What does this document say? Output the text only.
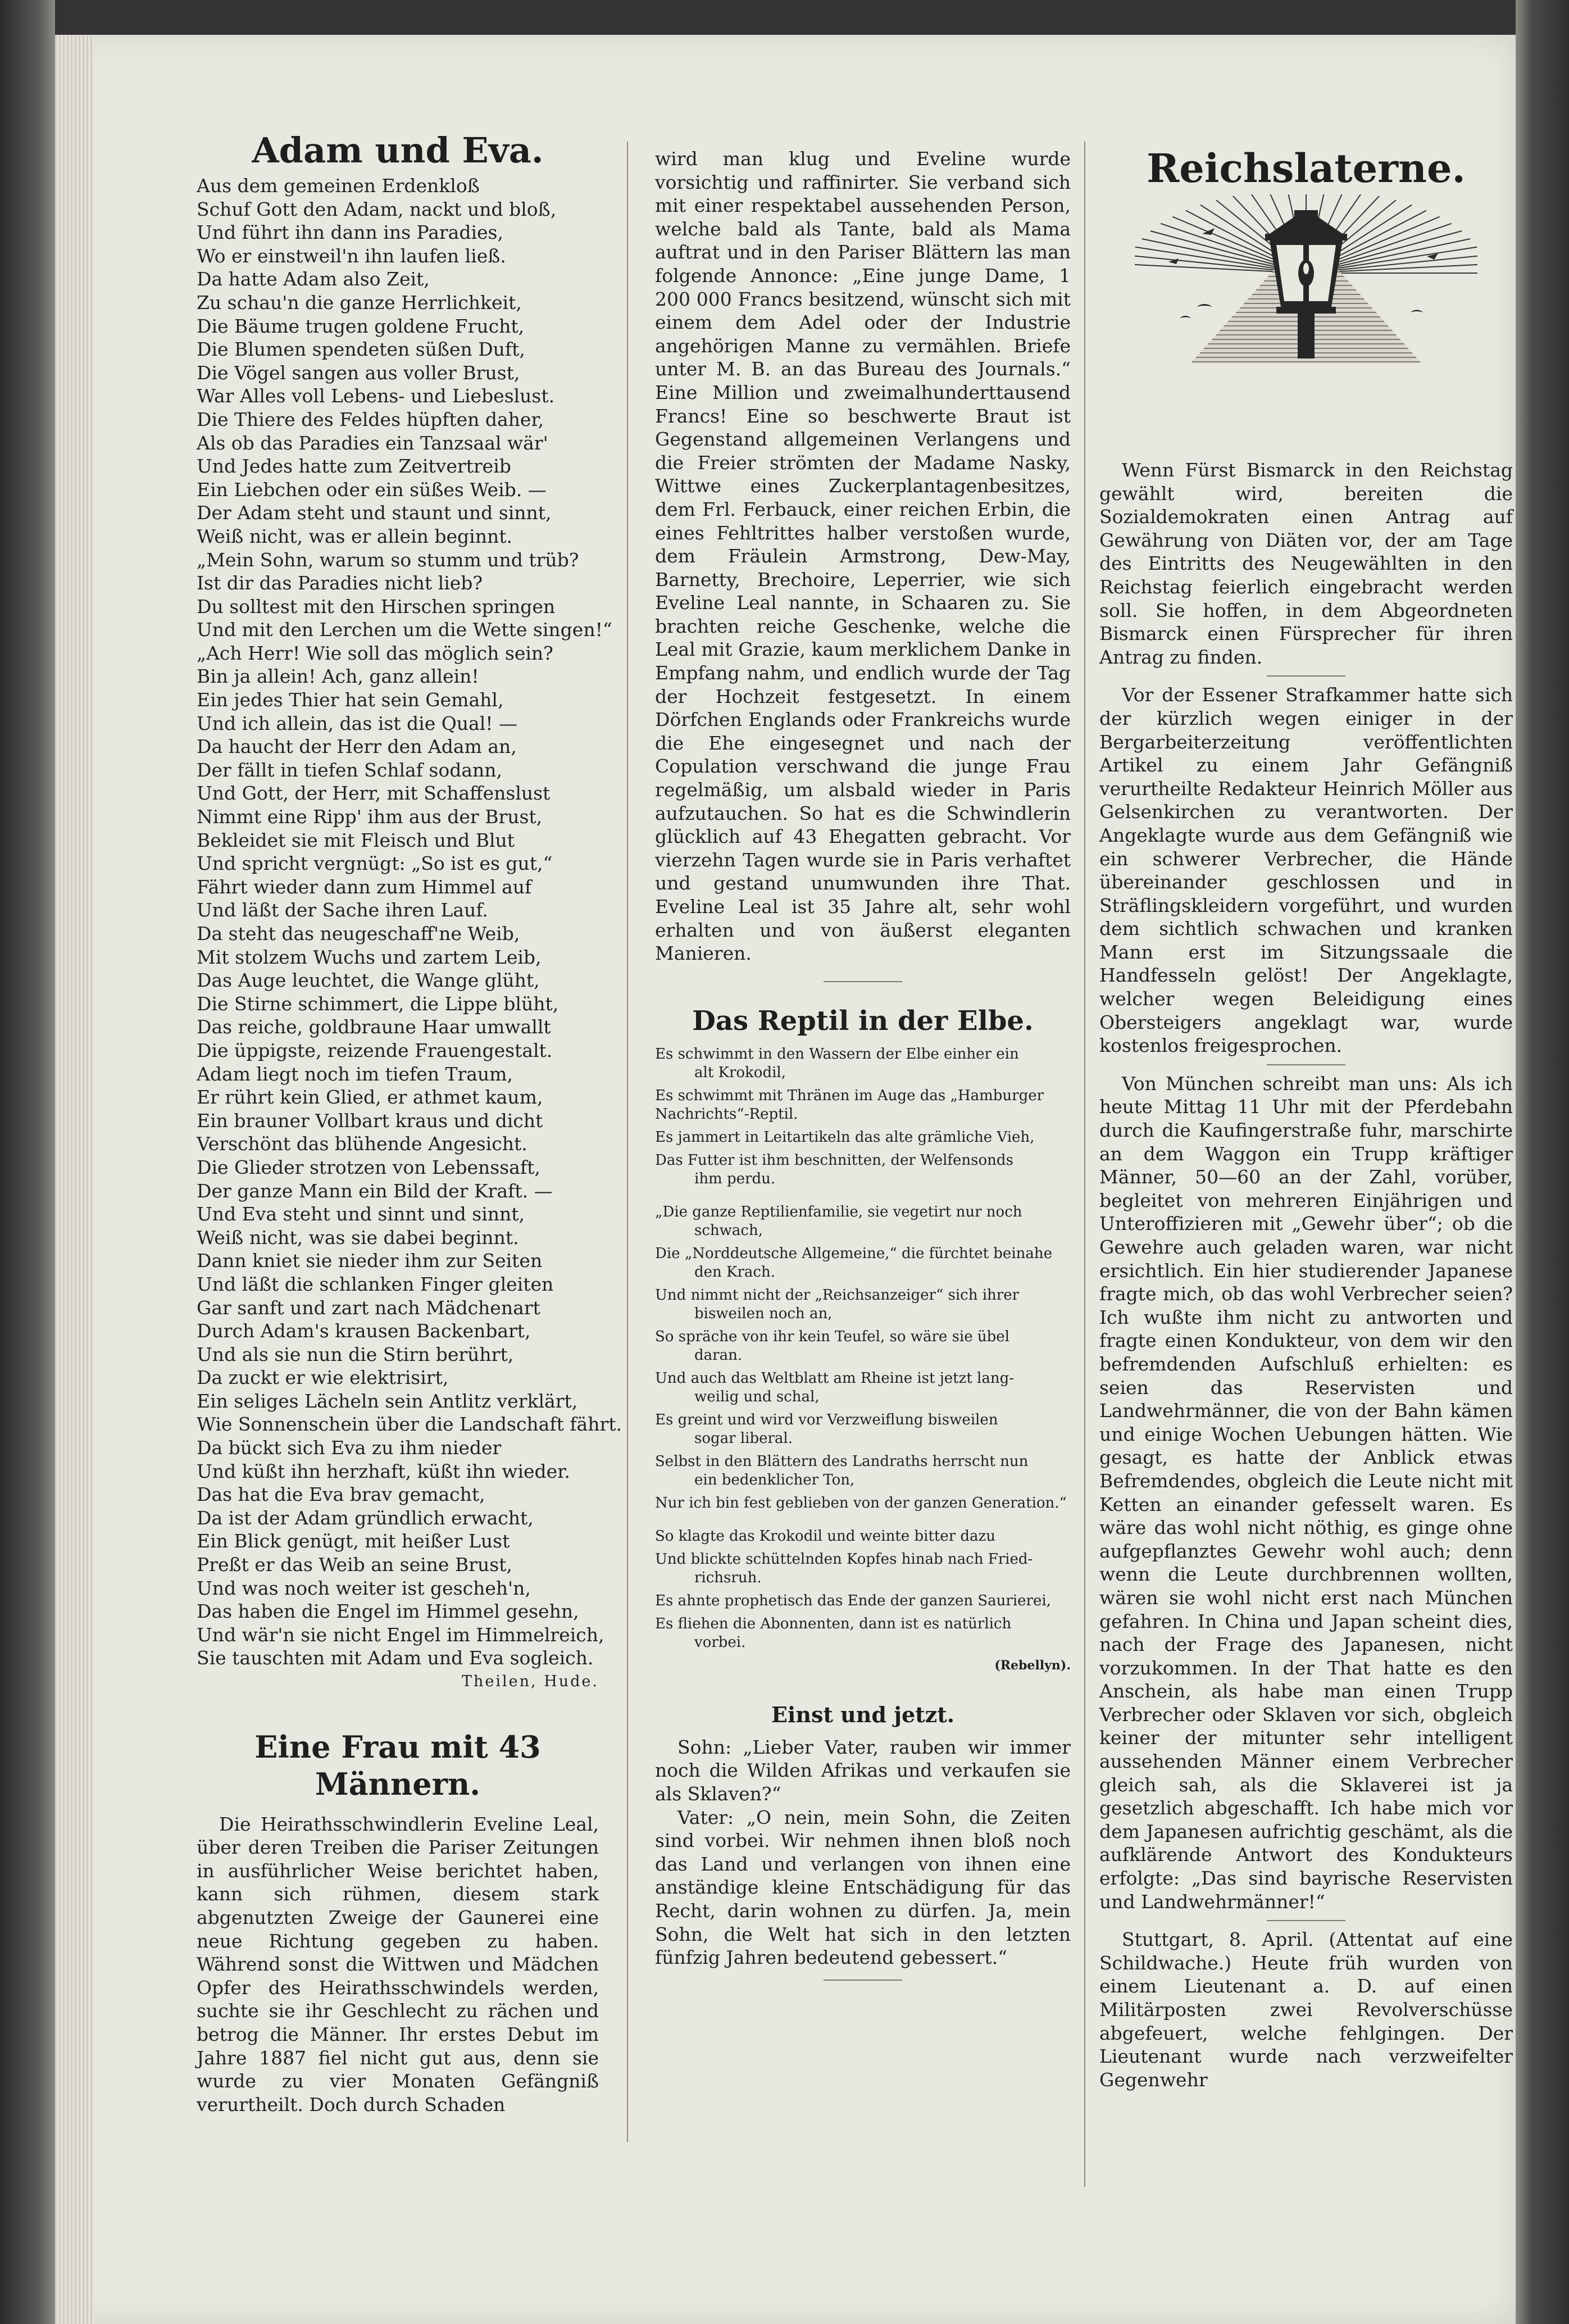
Adam und Eva.

Aus dem gemeinen Erdenkloß

Schuf Gott den Adam, nackt und bloß,

Und führt ihn dann ins Paradies,

Wo er einstweil'n ihn laufen ließ.

Da hatte Adam also Zeit,

Zu schau'n die ganze Herrlichkeit,

Die Bäume trugen goldene Frucht,

Die Blumen spendeten süßen Duft,

Die Vögel sangen aus voller Brust,

War Alles voll Lebens- und Liebeslust.

Die Thiere des Feldes hüpften daher,

Als ob das Paradies ein Tanzsaal wär'

Und Jedes hatte zum Zeitvertreib

Ein Liebchen oder ein süßes Weib. —

Der Adam steht und staunt und sinnt,

Weiß nicht, was er allein beginnt.

„Mein Sohn, warum so stumm und trüb?

Ist dir das Paradies nicht lieb?

Du solltest mit den Hirschen springen

Und mit den Lerchen um die Wette singen!“

„Ach Herr! Wie soll das möglich sein?

Bin ja allein! Ach, ganz allein!

Ein jedes Thier hat sein Gemahl,

Und ich allein, das ist die Qual! —

Da haucht der Herr den Adam an,

Der fällt in tiefen Schlaf sodann,

Und Gott, der Herr, mit Schaffenslust

Nimmt eine Ripp' ihm aus der Brust,

Bekleidet sie mit Fleisch und Blut

Und spricht vergnügt: „So ist es gut,“

Fährt wieder dann zum Himmel auf

Und läßt der Sache ihren Lauf.

Da steht das neugeschaff'ne Weib,

Mit stolzem Wuchs und zartem Leib,

Das Auge leuchtet, die Wange glüht,

Die Stirne schimmert, die Lippe blüht,

Das reiche, goldbraune Haar umwallt

Die üppigste, reizende Frauengestalt.

Adam liegt noch im tiefen Traum,

Er rührt kein Glied, er athmet kaum,

Ein brauner Vollbart kraus und dicht

Verschönt das blühende Angesicht.

Die Glieder strotzen von Lebenssaft,

Der ganze Mann ein Bild der Kraft. —

Und Eva steht und sinnt und sinnt,

Weiß nicht, was sie dabei beginnt.

Dann kniet sie nieder ihm zur Seiten

Und läßt die schlanken Finger gleiten

Gar sanft und zart nach Mädchenart

Durch Adam's krausen Backenbart,

Und als sie nun die Stirn berührt,

Da zuckt er wie elektrisirt,

Ein seliges Lächeln sein Antlitz verklärt,

Wie Sonnenschein über die Landschaft fährt.

Da bückt sich Eva zu ihm nieder

Und küßt ihn herzhaft, küßt ihn wieder.

Das hat die Eva brav gemacht,

Da ist der Adam gründlich erwacht,

Ein Blick genügt, mit heißer Lust

Preßt er das Weib an seine Brust,

Und was noch weiter ist gescheh'n,

Das haben die Engel im Himmel gesehn,

Und wär'n sie nicht Engel im Himmelreich,

Sie tauschten mit Adam und Eva sogleich.

Theilen, Hude.

Eine Frau mit 43 Männern.

Die Heirathsschwindlerin Eveline Leal, über deren Treiben die Pariser Zeitungen in ausführlicher Weise berichtet haben, kann sich rühmen, diesem stark abgenutzten Zweige der Gaunerei eine neue Richtung gegeben zu haben. Während sonst die Wittwen und Mädchen Opfer des Heirathsschwindels werden, suchte sie ihr Geschlecht zu rächen und betrog die Männer. Ihr erstes Debut im Jahre 1887 fiel nicht gut aus, denn sie wurde zu vier Monaten Gefängniß verurtheilt. Doch durch Schaden

wird man klug und Eveline wurde vorsichtig und raffinirter. Sie verband sich mit einer respektabel aussehenden Person, welche bald als Tante, bald als Mama auftrat und in den Pariser Blättern las man folgende Annonce: „Eine junge Dame, 1 200 000 Francs besitzend, wünscht sich mit einem dem Adel oder der Industrie angehörigen Manne zu vermählen. Briefe unter M. B. an das Bureau des Journals.“ Eine Million und zweimalhunderttausend Francs! Eine so beschwerte Braut ist Gegenstand allgemeinen Verlangens und die Freier strömten der Madame Nasky, Wittwe eines Zuckerplantagenbesitzes, dem Frl. Ferbauck, einer reichen Erbin, die eines Fehltrittes halber verstoßen wurde, dem Fräulein Armstrong, Dew-May, Barnetty, Brechoire, Leperrier, wie sich Eveline Leal nannte, in Schaaren zu. Sie brachten reiche Geschenke, welche die Leal mit Grazie, kaum merklichem Danke in Empfang nahm, und endlich wurde der Tag der Hochzeit festgesetzt. In einem Dörfchen Englands oder Frankreichs wurde die Ehe eingesegnet und nach der Copulation verschwand die junge Frau regelmäßig, um alsbald wieder in Paris aufzutauchen. So hat es die Schwindlerin glücklich auf 43 Ehegatten gebracht. Vor vierzehn Tagen wurde sie in Paris verhaftet und gestand unumwunden ihre That. Eveline Leal ist 35 Jahre alt, sehr wohl erhalten und von äußerst eleganten Manieren.

Das Reptil in der Elbe.

Es schwimmt in den Wassern der Elbe einher ein

alt Krokodil,

Es schwimmt mit Thränen im Auge das „Hamburger Nachrichts“-Reptil.

Es jammert in Leitartikeln das alte grämliche Vieh,

Das Futter ist ihm beschnitten, der Welfensonds

ihm perdu.

„Die ganze Reptilienfamilie, sie vegetirt nur noch

schwach,

Die „Norddeutsche Allgemeine,“ die fürchtet beinahe

den Krach.

Und nimmt nicht der „Reichsanzeiger“ sich ihrer

bisweilen noch an,

So spräche von ihr kein Teufel, so wäre sie übel

daran.

Und auch das Weltblatt am Rheine ist jetzt lang-

weilig und schal,

Es greint und wird vor Verzweiflung bisweilen

sogar liberal.

Selbst in den Blättern des Landraths herrscht nun

ein bedenklicher Ton,

Nur ich bin fest geblieben von der ganzen Generation.“

So klagte das Krokodil und weinte bitter dazu

Und blickte schüttelnden Kopfes hinab nach Fried-

richsruh.

Es ahnte prophetisch das Ende der ganzen Saurierei,

Es fliehen die Abonnenten, dann ist es natürlich

vorbei.

(Rebellyn).

Einst und jetzt.

Sohn: „Lieber Vater, rauben wir immer noch die Wilden Afrikas und verkaufen sie als Sklaven?“

Vater: „O nein, mein Sohn, die Zeiten sind vorbei. Wir nehmen ihnen bloß noch das Land und verlangen von ihnen eine anständige kleine Entschädigung für das Recht, darin wohnen zu dürfen. Ja, mein Sohn, die Welt hat sich in den letzten fünfzig Jahren bedeutend gebessert.“

Reichslaterne.

Wenn Fürst Bismarck in den Reichstag gewählt wird, bereiten die Sozialdemokraten einen Antrag auf Gewährung von Diäten vor, der am Tage des Eintritts des Neugewählten in den Reichstag feierlich eingebracht werden soll. Sie hoffen, in dem Abgeordneten Bismarck einen Fürsprecher für ihren Antrag zu finden.

Vor der Essener Strafkammer hatte sich der kürzlich wegen einiger in der Bergarbeiterzeitung veröffentlichten Artikel zu einem Jahr Gefängniß verurtheilte Redakteur Heinrich Möller aus Gelsenkirchen zu verantworten. Der Angeklagte wurde aus dem Gefängniß wie ein schwerer Verbrecher, die Hände übereinander geschlossen und in Sträflingskleidern vorgeführt, und wurden dem sichtlich schwachen und kranken Mann erst im Sitzungssaale die Handfesseln gelöst! Der Angeklagte, welcher wegen Beleidigung eines Obersteigers angeklagt war, wurde kostenlos freigesprochen.

Von München schreibt man uns: Als ich heute Mittag 11 Uhr mit der Pferdebahn durch die Kaufingerstraße fuhr, marschirte an dem Waggon ein Trupp kräftiger Männer, 50—60 an der Zahl, vorüber, begleitet von mehreren Einjährigen und Unteroffizieren mit „Gewehr über“; ob die Gewehre auch geladen waren, war nicht ersichtlich. Ein hier studierender Japanese fragte mich, ob das wohl Verbrecher seien? Ich wußte ihm nicht zu antworten und fragte einen Kondukteur, von dem wir den befremdenden Aufschluß erhielten: es seien das Reservisten und Landwehrmänner, die von der Bahn kämen und einige Wochen Uebungen hätten. Wie gesagt, es hatte der Anblick etwas Befremdendes, obgleich die Leute nicht mit Ketten an einander gefesselt waren. Es wäre das wohl nicht nöthig, es ginge ohne aufgepflanztes Gewehr wohl auch; denn wenn die Leute durchbrennen wollten, wären sie wohl nicht erst nach München gefahren. In China und Japan scheint dies, nach der Frage des Japanesen, nicht vorzukommen. In der That hatte es den Anschein, als habe man einen Trupp Verbrecher oder Sklaven vor sich, obgleich keiner der mitunter sehr intelligent aussehenden Männer einem Verbrecher gleich sah, als die Sklaverei ist ja gesetzlich abgeschafft. Ich habe mich vor dem Japanesen aufrichtig geschämt, als die aufklärende Antwort des Kondukteurs erfolgte: „Das sind bayrische Reservisten und Landwehrmänner!“

Stuttgart, 8. April. (Attentat auf eine Schildwache.) Heute früh wurden von einem Lieutenant a. D. auf einen Militärposten zwei Revolverschüsse abgefeuert, welche fehlgingen. Der Lieutenant wurde nach verzweifelter Gegenwehr
